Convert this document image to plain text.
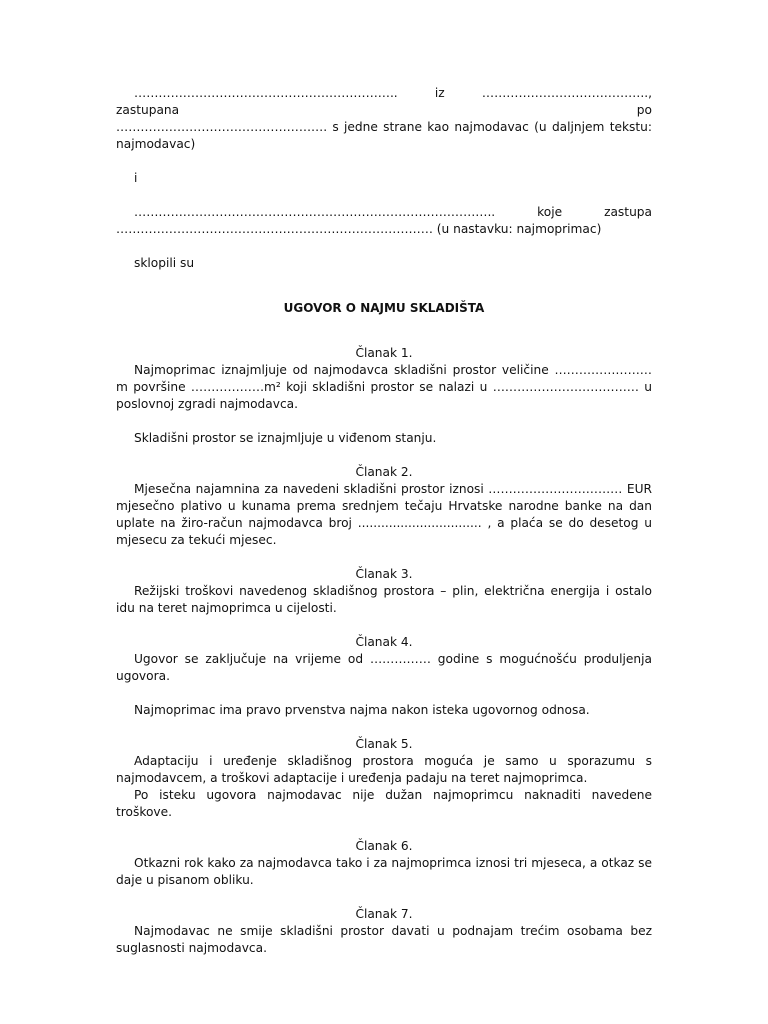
……………………………………………………….. iz ………………………………….., zastupana po

……………………………………………. s jedne strane kao najmodavac (u daljnjem tekstu: najmodavac)

i

…………………………………………………………………………….. koje zastupa

…………………………………………………………………… (u nastavku: najmoprimac)

sklopili su

UGOVOR O NAJMU SKLADIŠTA

Članak 1.

Najmoprimac iznajmljuje od najmodavca skladišni prostor veličine …………………… m površine ………………m² koji skladišni prostor se nalazi u ……………………………… u poslovnoj zgradi najmodavca.

Skladišni prostor se iznajmljuje u viđenom stanju.

Članak 2.

Mjesečna najamnina za navedeni skladišni prostor iznosi …………………………… EUR mjesečno plativo u kunama prema srednjem tečaju Hrvatske narodne banke na dan uplate na žiro-račun najmodavca broj ................................ , a plaća se do desetog u mjesecu za tekući mjesec.

Članak 3.

Režijski troškovi navedenog skladišnog prostora – plin, električna energija i ostalo idu na teret najmoprimca u cijelosti.

Članak 4.

Ugovor se zaključuje na vrijeme od …………… godine s mogućnošću produljenja ugovora.

Najmoprimac ima pravo prvenstva najma nakon isteka ugovornog odnosa.

Članak 5.

Adaptaciju i uređenje skladišnog prostora moguća je samo u sporazumu s najmodavcem, a troškovi adaptacije i uređenja padaju na teret najmoprimca.

Po isteku ugovora najmodavac nije dužan najmoprimcu naknaditi navedene troškove.

Članak 6.

Otkazni rok kako za najmodavca tako i za najmoprimca iznosi tri mjeseca, a otkaz se daje u pisanom obliku.

Članak 7.

Najmodavac ne smije skladišni prostor davati u podnajam trećim osobama bez suglasnosti najmodavca.
